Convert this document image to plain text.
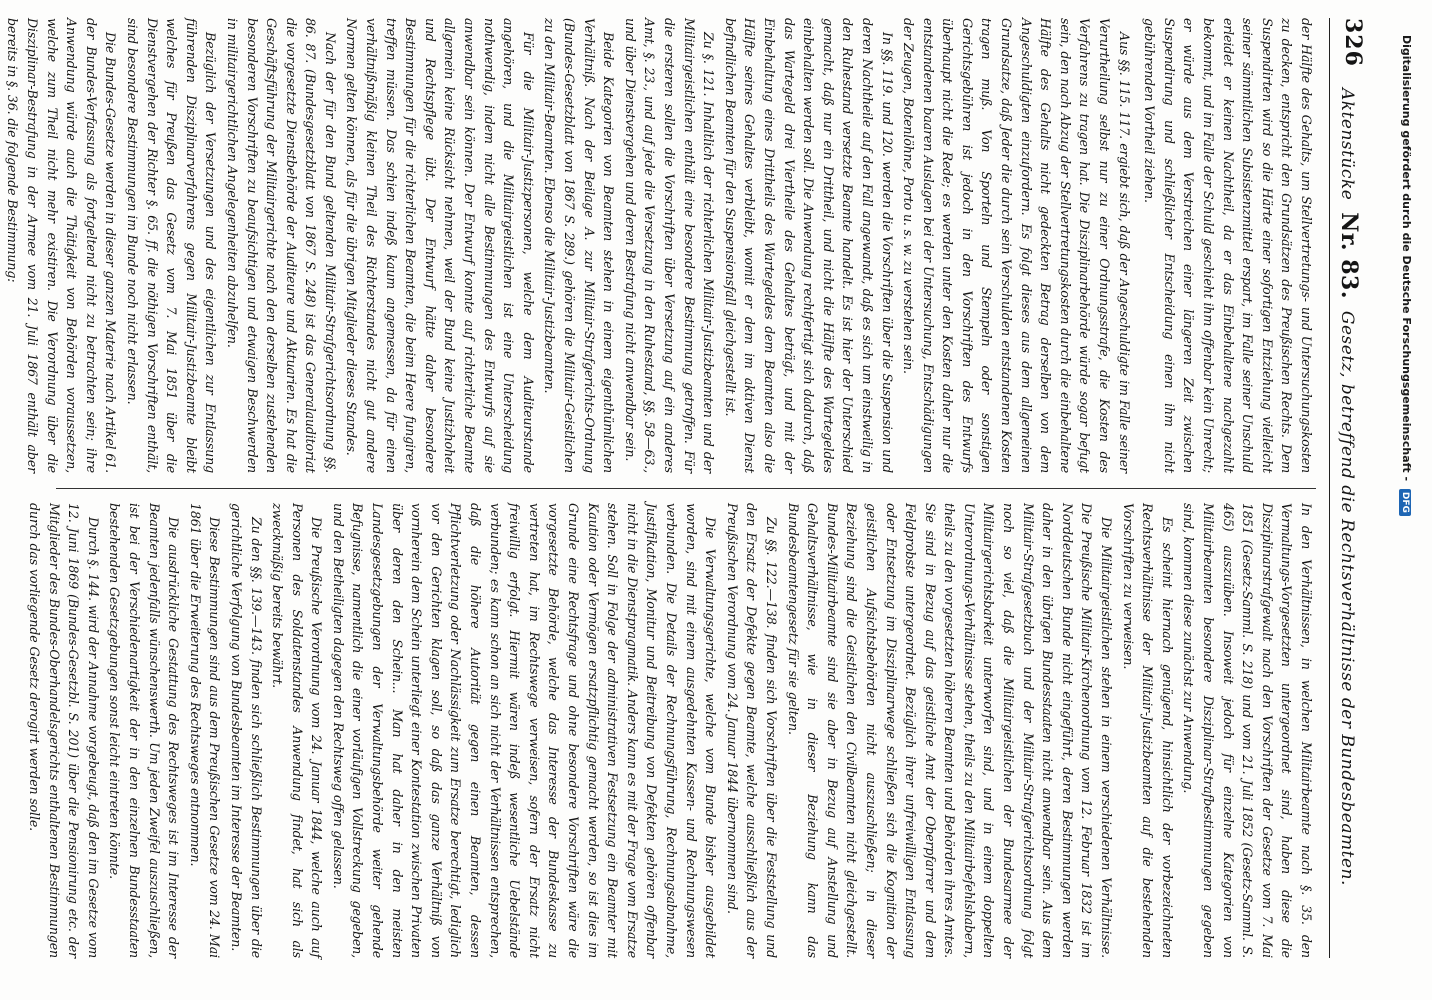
326
Aktenstücke Nr. 83. Gesetz, betreffend die Rechtsverhältnisse der Bundesbeamten.

der Hälfte des Gehalts, um Stellvertretungs- und Untersuchungskosten zu decken, entspricht den Grundsätzen des Preußischen Rechts. Dem Suspendirten wird so die Härte einer sofortigen Entziehung vielleicht seiner sämmtlichen Subsistenzmittel erspart, im Falle seiner Unschuld erleidet er keinen Nachtheil, da er das Einbehaltene nachgezahlt bekommt, und im Falle der Schuld geschieht ihm offenbar kein Unrecht; er würde aus dem Verstreichen einer längeren Zeit zwischen Suspendirung und schließlicher Entscheidung einen ihm nicht gebührenden Vortheil ziehen.

Aus §§. 115. 117. ergiebt sich, daß der Angeschuldigte im Falle seiner Verurtheilung selbst nur zu einer Ordnungsstrafe, die Kosten des Verfahrens zu tragen hat. Die Disziplinarbehörde würde sogar befugt sein, den nach Abzug der Stellvertretungskosten durch die einbehaltene Hälfte des Gehalts nicht gedeckten Betrag derselben von dem Angeschuldigten einzufordern. Es folgt dieses aus dem allgemeinen Grundsatze, daß Jeder die durch sein Verschulden entstandenen Kosten tragen muß. Von Sporteln und Stempeln oder sonstigen Gerichtsgebühren ist jedoch in den Vorschriften des Entwurfs überhaupt nicht die Rede; es werden unter den Kosten daher nur die entstandenen baaren Auslagen bei der Untersuchung, Entschädigungen der Zeugen, Botenlöhne, Porto u. s. w. zu verstehen sein.

In §§. 119. und 120. werden die Vorschriften über die Suspension und deren Nachtheile auf den Fall angewandt, daß es sich um einstweilig in den Ruhestand versetzte Beamte handelt. Es ist hier der Unterschied gemacht, daß nur ein Drittheil, und nicht die Hälfte des Wartegeldes einbehalten werden soll. Die Anwendung rechtfertigt sich dadurch, daß das Wartegeld drei Viertheile des Gehaltes beträgt, und mit der Einbehaltung eines Drittheils des Wartegeldes dem Beamten also die Hälfte seines Gehaltes verbleibt, womit er dem im aktiven Dienst befindlichen Beamten für den Suspensionsfall gleichgestellt ist.

Zu §. 121. Inhaltlich der richterlichen Militair-Justizbeamten und der Militairgeistlichen enthält eine besondere Bestimmung getroffen. Für die ersteren sollen die Vorschriften über Versetzung auf ein anderes Amt, §. 23., und auf jede die Versetzung in den Ruhestand, §§. 58—63., und über Dienstvergehen und deren Bestrafung nicht anwendbar sein.

Beide Kategorien von Beamten stehen in einem eigenthümlichen Verhältniß. Nach der Beilage A. zur Militair-Strafgerichts-Ordnung (Bundes-Gesetzblatt von 1867 S. 289.) gehören die Militair-Geistlichen zu den Militair-Beamten. Ebenso die Militair-Justizbeamten.

Für die Militair-Justizpersonen, welche dem Auditeurstande angehören, und die Militairgeistlichen ist eine Unterscheidung nothwendig, indem nicht alle Bestimmungen des Entwurfs auf sie anwendbar sein können. Der Entwurf konnte auf richterliche Beamte allgemein keine Rücksicht nehmen, weil der Bund keine Justizhoheit und Rechtspflege übt. Der Entwurf hätte daher besondere Bestimmungen für die richterlichen Beamten, die beim Heere fungiren, treffen müssen. Das schien indeß kaum angemessen, da für einen verhältnißmäßig kleinen Theil des Richterstandes nicht gut andere Normen gelten können, als für die übrigen Mitglieder dieses Standes.

Nach der für den Bund geltenden Militair-Strafgerichtsordnung §§. 86. 87. (Bundesgesetzblatt von 1867 S. 248) ist das Generalauditoriat die vorgesetzte Dienstbehörde der Auditeure und Aktuarien. Es hat die Geschäftsführung der Militairgerichte nach den derselben zustehenden besonderen Vorschriften zu beaufsichtigen und etwaigen Beschwerden in militairgerichtlichen Angelegenheiten abzuhelfen.

Bezüglich der Versetzungen und des eigentlichen zur Entlassung führenden Disziplinarverfahrens gegen Militair-Justizbeamte bleibt welches für Preußen das Gesetz vom 7. Mai 1851 über die Dienstvergehen der Richter §. 65. ff. die nöthigen Vorschriften enthält, sind besondere Bestimmungen im Bunde noch nicht erlassen.

Die Bundes-Gesetze werden in dieser ganzen Materie nach Artikel 61. der Bundes-Verfassung als fortgeltend nicht zu betrachten sein; ihre Anwendung würde auch die Thätigkeit von Behörden voraussetzen, welche zum Theil nicht mehr existiren. Die Verordnung über die Disziplinar-Bestrafung in der Armee vom 21. Juli 1867 enthält aber bereits in §. 36. die folgende Bestimmung:

In den Verhältnissen, in welchen Militairbeamte nach §. 35. den Vermaltungs-Vorgesetzten untergeordnet sind, haben diese die Disziplinarstrafgewalt nach den Vorschriften der Gesetze vom 7. Mai 1851 (Gesetz-Samml. S. 218) und vom 21. Juli 1852 (Gesetz-Samml. S. 465) auszuüben. Insoweit jedoch für einzelne Kategorien von Militairbeamten besondere Disziplinar-Strafbestimmungen gegeben sind, kommen diese zunächst zur Anwendung.

Es scheint hiernach genügend, hinsichtlich der vorbezeichneten Rechtsverhältnisse der Militair-Justizbeamten auf die bestehenden Vorschriften zu verweisen.

Die Militairgeistlichen stehen in einem verschiedenen Verhältnisse. Die Preußische Militair-Kirchenordnung vom 12. Februar 1832 ist im Norddeutschen Bunde nicht eingeführt, deren Bestimmungen werden daher in den übrigen Bundesstaaten nicht anwendbar sein. Aus dem Militair-Strafgesetzbuch und der Militair-Strafgerichtsordnung folgt noch so viel, daß die Militairgeistlichen der Bundesarmee der Militairgerichtsbarkeit unterworfen sind, und in einem doppelten Unterordnungs-Verhältnisse stehen, theils zu den Militairbefehlshabern, theils zu den vorgesetzten höheren Beamten und Behörden ihres Amtes. Sie sind in Bezug auf das geistliche Amt der Oberpfarrer und dem Feldprobste untergeordnet. Bezüglich ihrer unfreiwilligen Entlassung oder Entsetzung im Disziplinarwege schließen sich die Kognition der geistlichen Aufsichtsbehörden nicht auszuschließen; in dieser Beziehung sind die Geistlichen den Civilbeamten nicht gleichgestellt. Bundes-Militairbeamte sind sie aber in Bezug auf Anstellung und Gehaltsverhältnisse, wie in dieser Beziehung kann das Bundesbeamtengesetz für sie gelten.

Zu §§. 122.—138. finden sich Vorschriften über die Feststellung und den Ersatz der Defekte gegen Beamte, welche ausschließlich aus der Preußischen Verordnung vom 24. Januar 1844 übernommen sind.

Die Verwaltungsgerichte, welche vom Bunde bisher ausgebildet worden, sind mit einem ausgedehnten Kassen- und Rechnungswesen verbunden. Die Details der Rechnungsführung, Rechnungsabnahme, Justifikation, Monitur und Beitreibung von Defekten gehören offenbar nicht in die Dienstpragmatik. Anders kann es mit der Frage vom Ersatze stehen. Soll in Folge der administrativen Festsetzung ein Beamter mit Kaution oder Vermögen ersatzpflichtig gemacht werden, so ist dies im Grunde eine Rechtsfrage und ohne besondere Vorschriften wäre die vorgesetzte Behörde, welche das Interesse der Bundeskasse zu vertreten hat, im Rechtswege verweisen, sofern der Ersatz nicht freiwillig erfolgt. Hiermit wären indeß wesentliche Uebelstände verbunden; es kann schon an sich nicht der Verhältnissen entsprechen, daß die höhere Autorität gegen einen Beamten, dessen Pflichtverletzung oder Nachlässigkeit zum Ersatze berechtigt, lediglich vor den Gerichten klagen soll, so daß das ganze Verhältniß von vornherein dem Schein unterliegt einer Kontestation zwischen Privaten über deren den Schein... Man hat daher in den meisten Landesgesetzgebungen der Verwaltungsbehörde weiter gehende Befugnisse, namentlich die einer vorläufigen Vollstreckung gegeben, und den Betheiligten dagegen den Rechtsweg offen gelassen.

Die Preußische Verordnung vom 24. Januar 1844, welche auch auf Personen des Soldatenstandes Anwendung findet, hat sich als zweckmäßig bereits bewährt.

Zu den §§. 139.—143. finden sich schließlich Bestimmungen über die gerichtliche Verfolgung von Bundesbeamten im Interesse der Beamten.

Diese Bestimmungen sind aus dem Preußischen Gesetze vom 24. Mai 1861 über die Erweiterung des Rechtsweges entnommen.

Die ausdrückliche Gestattung des Rechtsweges ist im Interesse der Beamten jedenfalls wünschenswerth. Um jeden Zweifel auszuschließen, ist bei der Verschiedenartigkeit der in den einzelnen Bundesstaaten bestehenden Gesetzgebungen sonst leicht eintreten könnte.

Durch §. 144. wird der Annahme vorgebeugt, daß den im Gesetze vom 12. Juni 1869 (Bundes-Gesetzbl. S. 201) über die Pensionirung etc. der Mitglieder des Bundes-Oberhandelsgerichts enthaltenen Bestimmungen durch das vorliegende Gesetz derogirt werden solle.

Digitalisierung gefördert durch die Deutsche Forschungsgemeinschaft - DFG
